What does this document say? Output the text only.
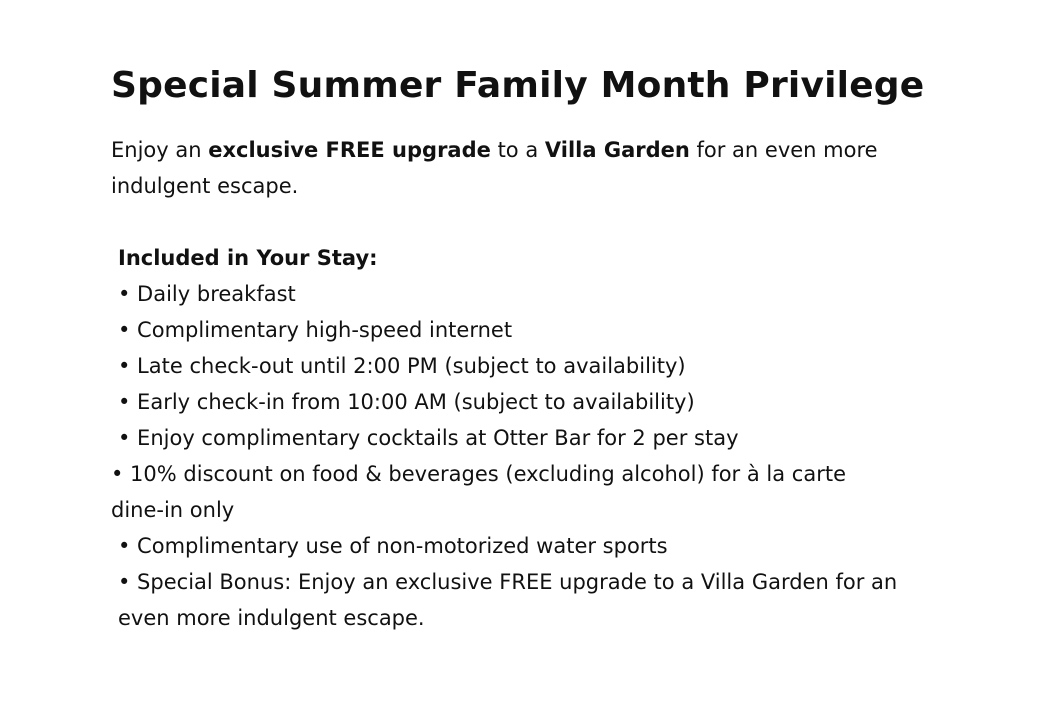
Special Summer Family Month Privilege
Enjoy an exclusive FREE upgrade to a Villa Garden for an even more indulgent escape.
Included in Your Stay:
• Daily breakfast
• Complimentary high-speed internet
• Late check-out until 2:00 PM (subject to availability)
• Early check-in from 10:00 AM (subject to availability)
• Enjoy complimentary cocktails at Otter Bar for 2 per stay
• 10% discount on food & beverages (excluding alcohol) for à la carte dine-in only
• Complimentary use of non-motorized water sports
• Special Bonus: Enjoy an exclusive FREE upgrade to a Villa Garden for an even more indulgent escape.
